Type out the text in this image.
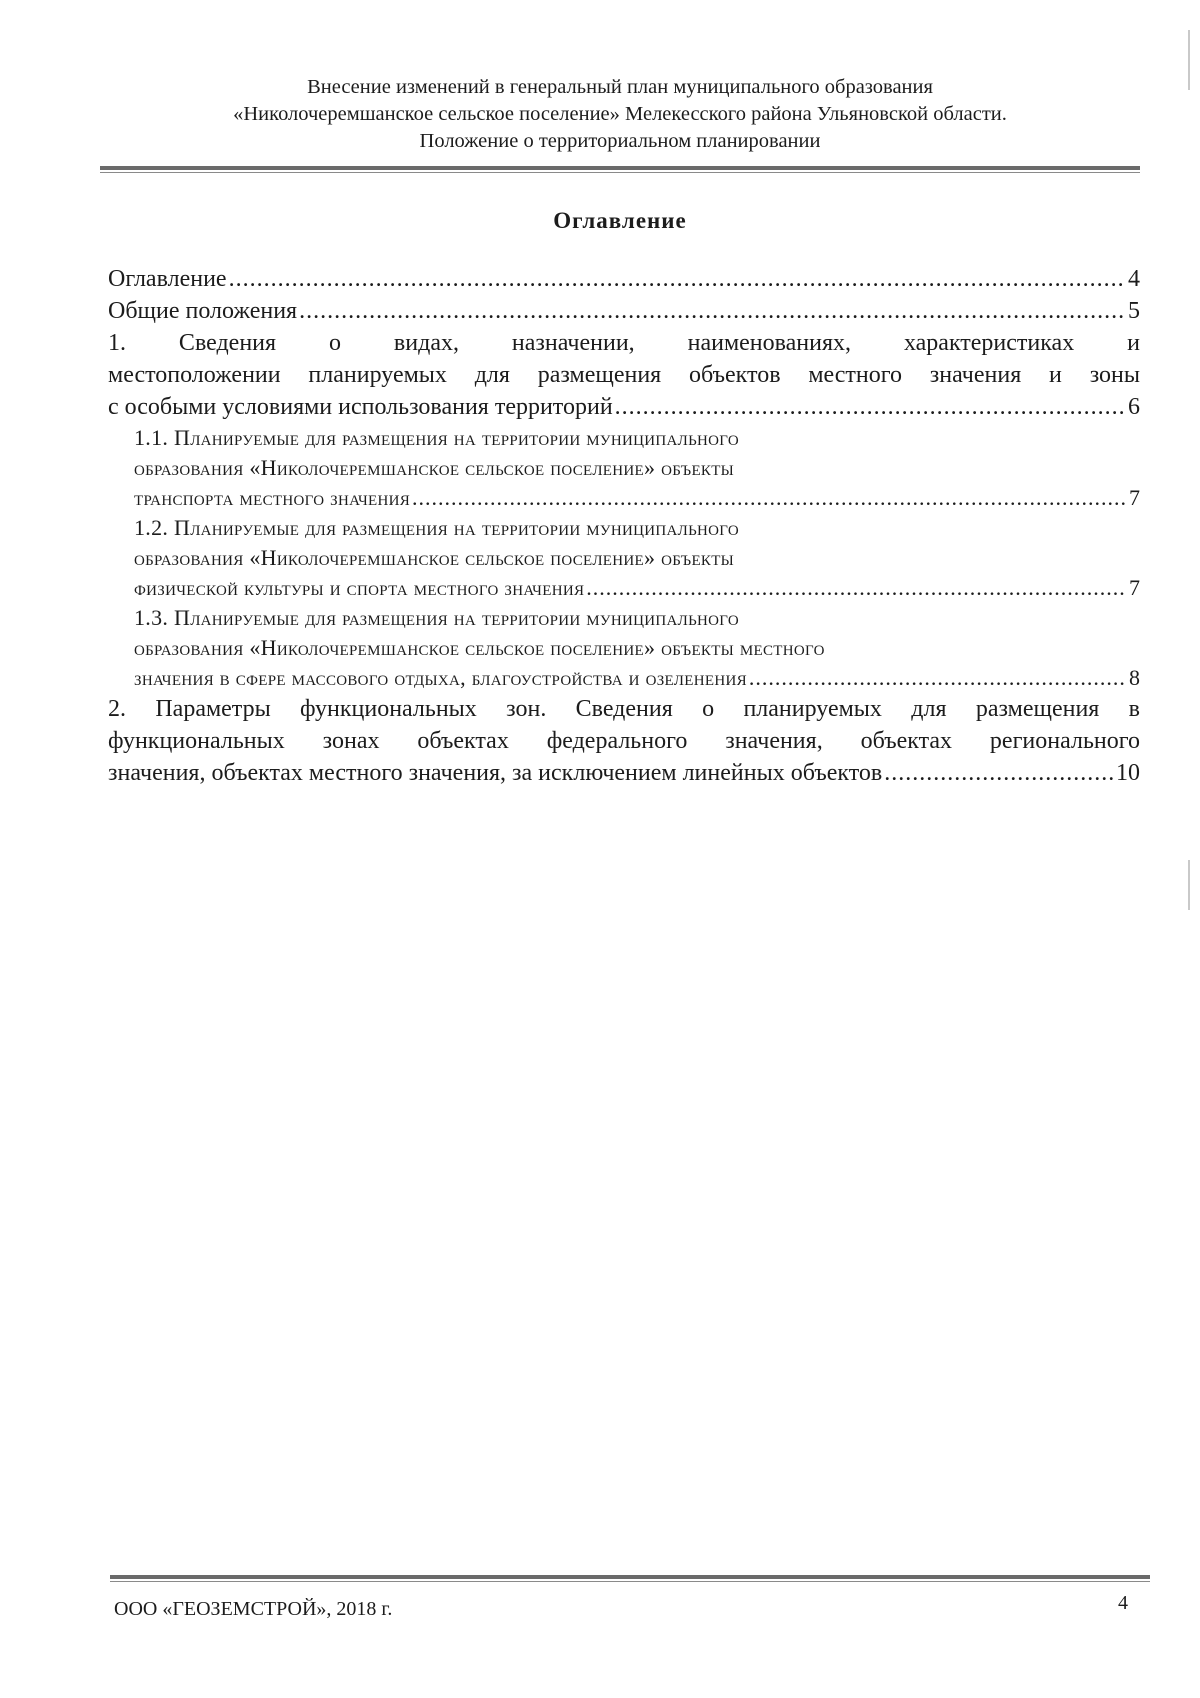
Внесение изменений в генеральный план муниципального образования
«Николочеремшанское сельское поселение» Мелекесского района Ульяновской области.
Положение о территориальном планировании
Оглавление
Оглавление .....	4
Общие положения .....	5
1. Сведения о видах, назначении, наименованиях, характеристиках и
местоположении планируемых для размещения объектов местного значения и зоны
с особыми условиями использования территорий .....	6
1.1. Планируемые для размещения на территории муниципального
образования «Николочеремшанское сельское поселение» объекты
транспорта местного значения .....	7
1.2. Планируемые для размещения на территории муниципального
образования «Николочеремшанское сельское поселение» объекты
физической культуры и спорта местного значения .....	7
1.3. Планируемые для размещения на территории муниципального
образования «Николочеремшанское сельское поселение» объекты местного
значения в сфере массового отдыха, благоустройства и озеленения .....	8
2. Параметры функциональных зон. Сведения о планируемых для размещения в
функциональных зонах объектах федерального значения, объектах регионального
значения, объектах местного значения, за исключением линейных объектов .....	10
ООО «ГЕОЗЕМСТРОЙ», 2018 г.	4
